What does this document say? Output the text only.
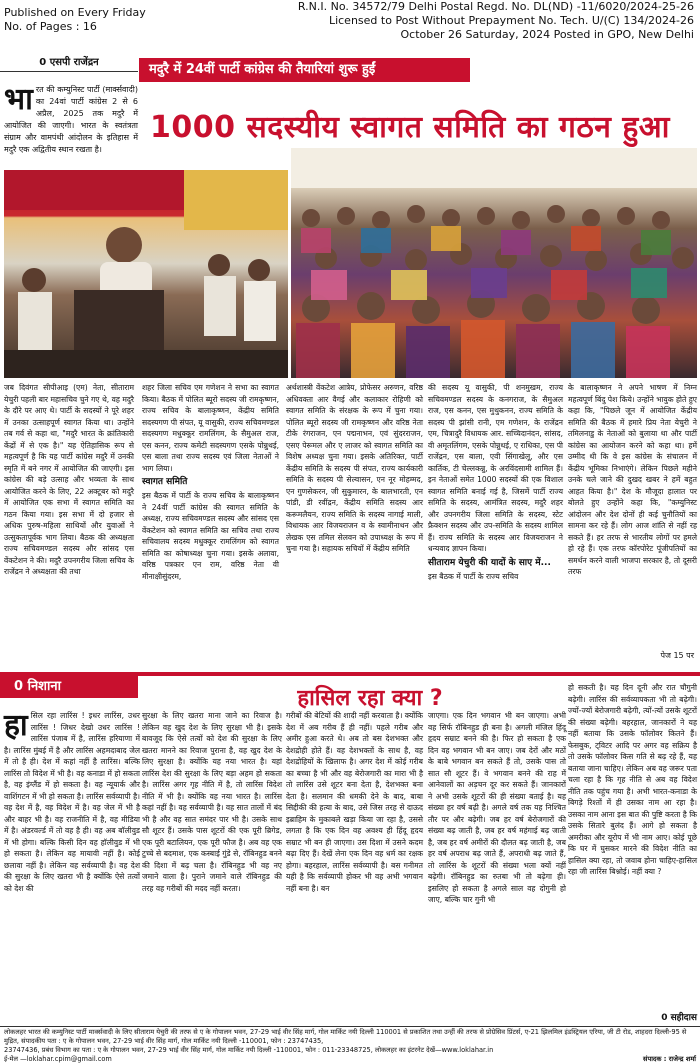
Published on Every Friday
No. of Pages : 16
R.N.I. No. 34572/79 Delhi Postal Regd. No. DL(ND) -11/6020/2024-25-26
Licensed to Post Without Prepayment No. Tech. U/(C) 134/2024-26
October 26 Saturday, 2024 Posted in GPO, New Delhi
0 एसपी राजेंद्रन	मदुरै में 24वीं पार्टी कांग्रेस की तैयारियां शुरू हुईं
1000 सदस्यीय स्वागत समिति का गठन हुआ
भा रत की कम्युनिस्ट पार्टी (मार्क्सवादी) का 24वां पार्टी कांग्रेस 2 से 6 अप्रैल, 2025 तक मदुरै में आयोजित की जाएगी। भारत के स्वतंत्रता संग्राम और वामपंथी आंदोलन के इतिहास में मदुरै एक अद्वितीय स्थान रखता है।
जब दिवंगत सीपीआइ (एम) नेता, सीताराम येचुरी पहली बार महासचिव चुने गए थे, वह मदुरै के दौरे पर आए थे। पार्टी के सदस्यों ने पूरे शहर में उनका उत्साहपूर्ण स्वागत किया था। उन्होंने तब गर्व से कहा था, "मदुरै भारत के क्रांतिकारी केंद्रों में से एक है।" यह ऐतिहासिक रूप से महत्वपूर्ण है कि यह पार्टी कांग्रेस मदुरै में उनकी स्मृति में बने नगर में आयोजित की जाएगी। इस कांग्रेस की बड़े उत्साह और भव्यता के साथ आयोजित करने के लिए, 22 अक्टूबर को मदुरै में आयोजित एक सभा में स्वागत समिति का गठन किया गया। इस सभा में दो हजार से अधिक पुरुष-महिला साथियों और युवाओं ने उत्सुकतापूर्वक भाग लिया। बैठक की अध्यक्षता राज्य सचिवमण्डल सदस्य और सांसद एस वेंकटेशन ने की। मदुरै उपनगरीय जिला सचिव के राजेंद्रन ने अध्यक्षता की तथा
शहर जिला सचिव एम गणेशन ने सभा का स्वागत किया। बैठक में पोलित ब्यूरो सदस्य जी रामकृष्णन, राज्य सचिव के बालाकृष्णन, केंद्रीय समिति सदस्यगण पी संपत, यू वासुकी, राज्य सचिवमण्डल सदस्यगण मधुक्कूर रामलिंगम, के सैमुअल राज, एस कनन, राज्य कमेटी सदस्यगण एसके पोन्नुथई, एस बाला तथा राज्य सदस्य एवं जिला नेताओं ने भाग लिया।
स्वागत समिति
इस बैठक में पार्टी के राज्य सचिव के बालाकृष्णन ने 24वीं पार्टी कांग्रेस की स्वागत समिति के अध्यक्ष, राज्य सचिवमण्डल सदस्य और सांसद एस वेंकटेशन को स्वागत समिति का सचिव तथा राज्य सचिवालय सदस्य मधुक्कूर रामलिंगम को स्वागत समिति का कोषाध्यक्ष चुना गया। इसके अलावा, वरिष्ठ पत्रकार एन राम, वरिष्ठ नेता वी मीनाक्षीसुंदरम,
अर्थशास्त्री वेंकटेश आत्रेय, प्रोफेसर अरुणन, वरिष्ठ अधिवक्ता आर वैगई और कलाकार रोहिणी को स्वागत समिति के संरक्षक के रूप में चुना गया। पोलित ब्यूरो सदस्य जी रामकृष्णन और वरिष्ठ नेता टीके रंगराजन, एन पद्मनाभन, एवं सुंदरराजन, एसए पेरूमल और ए लाजर को स्वागत समिति का विशेष अध्यक्ष चुना गया। इसके अतिरिक्त, पार्टी केंद्रीय समिति के सदस्य पी संपत, राज्य कार्यकारी समिति के सदस्य पी सेल्वासन, एन नूर मोहम्मद, एन गुणसेकरन, जी सुकुमारन, के बालभारती, एन पांडी, डी रवींद्रन, केंद्रीय समिति सदस्य आर करूमलैयन, राज्य समिति के सदस्य नागाई माली, विधायक आर विजयराजन व के स्वामीनाथन और लेखक एस तमिल सेलवन को उपाध्यक्ष के रूप में चुना गया है। सहायक सचिवों में केंद्रीय समिति
की सदस्य यू वासुकी, पी शनमुखम, राज्य सचिवमण्डल सदस्य के कनगराज, के सैमुअल राज, एस कनन, एस मुथुकनन, राज्य समिति के सदस्य पी झांसी रानी, एम गणेशन, के राजेंद्रन एम, चित्रादुरै विधायक आर. सच्चिदानंदन, सांसद, वी अमृतलिंगम, एसके पोन्नुथई, ए राधिका, एस पी राजेंद्रन, एस बाला, एवी सिंगाखेलू, और एस कार्तिक, टी चेल्लकन्नु, के अरविंदसामी शामिल हैं। इन नेताओं समेत 1000 सदस्यों की एक विशाल स्वागत समिति बनाई गई है, जिसमें पार्टी राज्य समिति के सदस्य, आमंत्रित सदस्य, मदुरै शहर और उपनगरीय जिला समिति के सदस्य, स्टेट फ्रैक्शन सदस्य और उप-समिति के सदस्य शामिल हैं। राज्य समिति के सदस्य आर विजयराजन ने धन्यवाद ज्ञापन किया।
सीताराम येचुरी की यादों के साए में...
इस बैठक में पार्टी के राज्य सचिव
के बालाकृष्णन ने अपने भाषण में निम्न महत्वपूर्ण बिंदु पेश किये। उन्होंने भावुक होते हुए कहा कि, "पिछले जून में आयोजित केंद्रीय समिति की बैठक में हमारे प्रिय नेता येचुरी ने तमिलनाडु के नेताओं को बुलाया था और पार्टी कांग्रेस का आयोजन करने को कहा था। हमें उम्मीद थी कि वे इस कांग्रेस के संचालन में केंद्रीय भूमिका निभाएंगे। लेकिन पिछले महीने उनके चले जाने की दुखद खबर ने हमें बहुत आहत किया है।" देश के मौजूदा हालात पर बोलते हुए उन्होंने कहा कि, "कम्युनिस्ट आंदोलन और देश दोनों ही कई चुनौतियों का सामना कर रहे हैं। लोग आज शांति से नहीं रह सकते हैं। हर तरफ से भारतीय लोगों पर हमले हो रहे हैं। एक तरफ कॉरपोरेट पूंजीपतियों का समर्थन करने वाली भाजपा सरकार है, तो दूसरी तरफ
पेज 15 पर
0 निशाना	हासिल रहा क्या ?
हा सिल रहा लारिंस ! इधर लारिंस, उधर लारिंस ! जिधर देखो उधर लारिंस ! लारिंस पंजाब में है, लारिंस हरियाणा में है। लारिंस मुंबई में है और लारिंस अहमदाबाद जेल में तो है ही। देश में कहां नहीं है लारिंस। बल्कि लारिंस तो विदेश में भी है। वह कनाडा में हो सकता है, वह इंग्लैंड में हो सकता है। वह न्यूयार्क और वाशिंगटन में भी हो सकता है। लारिंस सर्वव्यापी है। वह देश में है, वह विदेश में है। वह जेल में भी है और बाहर भी है। वह राजनीति में है, वह मीडिया में है। अंडरवर्ल्ड में तो वह है ही। वह अब बॉलीवुड में भी होगा। बल्कि किसी दिन वह हॉलीवुड में भी हो सकता है। लेकिन वह मायावी नहीं है। कोई छलावा नहीं है। लेकिन वह सर्वव्यापी है। वह देश की सुरक्षा के लिए खतरा भी है क्योंकि ऐसे तत्वों को देश की
सुरक्षा के लिए खतरा माना जाने का रिवाज है। लेकिन वह खुद देश के लिए सुरक्षा भी है। इसके बावजूद कि ऐसे तत्वों को देश की सुरक्षा के लिए खतरा मानने का रिवाज पुराना है, वह खुद देश के लिए सुरक्षा है। क्योंकि यह नया भारत है। यहां लारिंस देश की सुरक्षा के लिए बड़ा अहम हो सकता है। लारिंस अगर गृह नीति में है, तो लारिंस विदेश नीति में भी है। क्योंकि वह नया भारत है। लारिंस कहां नहीं है। वह सर्वव्यापी है। वह सात तालों में बंद भी है और वह सात समंदर पार भी है। उसके साथ सौ शूटर हैं। उसके पास शूटरों की एक पूरी ब्रिगेड, एक पूरी बटालियन, एक पूरी फौज है। अब वह एक टुच्चे से बदमाश, एक कस्बाई गुंडे से, रॉबिनहुड बनने की दिशा में बढ़ चला है। रॉबिनहुड भी वह नए जमाने वाला है। पुराने जमाने वाले रॉबिनहुड की तरह वह गरीबों की मदद नहीं करता।
गरीबों की बेटियों की शादी नहीं करवाता है। क्योंकि देश में अब गरीब हैं ही नहीं। पहले गरीब और अमीर हुआ करते थे। अब तो बस देशभक्त और देशद्रोही होते हैं। वह देशभक्तों के साथ है, वह देशद्रोहियों के खिलाफ है। अगर देश में कोई गरीब का बच्चा है भी और वह बेरोजगारी का मारा भी है तो लारिंस उसे शूटर बना देता है, देशभक्त बना देता है। सलमान की धमकी देने के बाद, बाबा सिद्दीकी की हत्या के बाद, उसे जिस तरह से दाऊद इब्राहिम के मुकाबले खड़ा किया जा रहा है, उससे लगता है कि एक दिन वह अवश्य ही हिंदू हृदय सम्राट भी बन ही जाएगा। उस दिशा में उसने कदम बढ़ा दिए हैं। देखें लेना एक दिन वह धर्म का रक्षक होगा। बहरहाल, लारिंस सर्वव्यापी है। बस गनीमत यही है कि सर्वव्यापी होकर भी वह अभी भगवान नहीं बना है। बन
जाएगा। एक दिन भगवान भी बन जाएगा। अभी वह सिर्फ रॉबिनहुड ही बना है। अगली मंजिल हिंदू हृदय सम्राट बनने की है। फिर हो सकता है एक दिन वह भगवान भी बन जाए। जब देरों और मठों के बाबे भगवान बन सकते हैं तो, उसके पास तो सात सौ शूटर हैं। वे भगवान बनने की राह में आनेवालों का अड़चन दूर कर सकते हैं। जानकारों ने अभी उसके शूटरों की ही संख्या बताई है। यह संख्या हर वर्ष बढ़ी है। अगले वर्ष तक यह निश्चित तौर पर और बढ़ेगी। जब हर वर्ष बेरोजगारों की संख्या बढ़ जाती है, जब हर वर्ष महंगाई बढ़ जाती है, जब हर वर्ष अमीरों की दौलत बढ़ जाती है, जब हर वर्ष अपराध बढ़ जाते हैं, अपराधी बढ़ जाते हैं, तो लारिंस के शूटरों की संख्या भला क्यों नहीं बढ़ेगी। रॉबिनहुड का रुतबा भी तो बढ़ेगा ही। इसलिए हो सकता है अगले साल वह दोगुनी हो जाए, बल्कि चार गुनी भी
हो सकती है। यह दिन दूनी और रात चौगुनी बढ़ेगी। लारिंस की सर्वव्यापकता भी तो बढ़ेगी। ज्यों-ज्यों बेरोजगारी बढ़ेगी, त्यों-त्यों उसके शूटरों की संख्या बढ़ेगी। बहरहाल, जानकारों ने यह नहीं बताया कि उसके फॉलोवर कितने हैं। फेसबुक, ट्विटर आदि पर अगर वह सक्रिय है तो उसके फॉलोवर किस गति से बढ़ रहे हैं, यह बताया जाना चाहिए। लेकिन अब वह जरूर पता चला रहा है कि गृह नीति से अब वह विदेश नीति तक पहुंच गया है। अभी भारत-कनाडा के बिगड़े रिश्तों में ही उसका नाम आ रहा है। उसका नाम आना इस बात की पुष्टि करता है कि उसके सितारे बुलंद हैं। आगे हो सकता है अमरीका और यूरोप में भी नाम आए। कोई पूछे कि घर में घुसकर मारने की विदेश नीति का हासिल क्या रहा, तो जवाब होना चाहिए-हासिल रहा जी लारिंस बिश्नोई। नहीं क्या ?
0 सहीदास
लोकलहर भारत की कम्युनिस्ट पार्टी मार्क्सवादी के लिए सीताराम येचुरी की तरफ से ए के गोपालन भवन, 27-29 भाई वीर सिंह मार्ग, गोल मार्किट नयी दिल्ली 110001 से प्रकाशित तथा उन्हीं की तरफ से प्रोग्रेसिव प्रिंटर्स, ए-21 झिलमिल इंडस्ट्रियल एरिया, जी टी रोड, शाहदरा दिल्ली-95 से मुद्रित, संपादकीय पता : ए के गोपालन भवन, 27-29 भाई वीर सिंह मार्ग, गोल मार्किट नयी दिल्ली -110001, फोन : 23747435,
23747436, प्रबंध विभाग का पता : ए के गोपालन भवन, 27-29 भाई वीर सिंह मार्ग, गोल मार्किट नयी दिल्ली -110001, फोन : 011-23348725, लोकलहर का इंटरनेट देखें—www.loklahar.in
ई-मेल —loklahar.cpim@gmail.com	संपादक : राजेन्द्र शर्मा
